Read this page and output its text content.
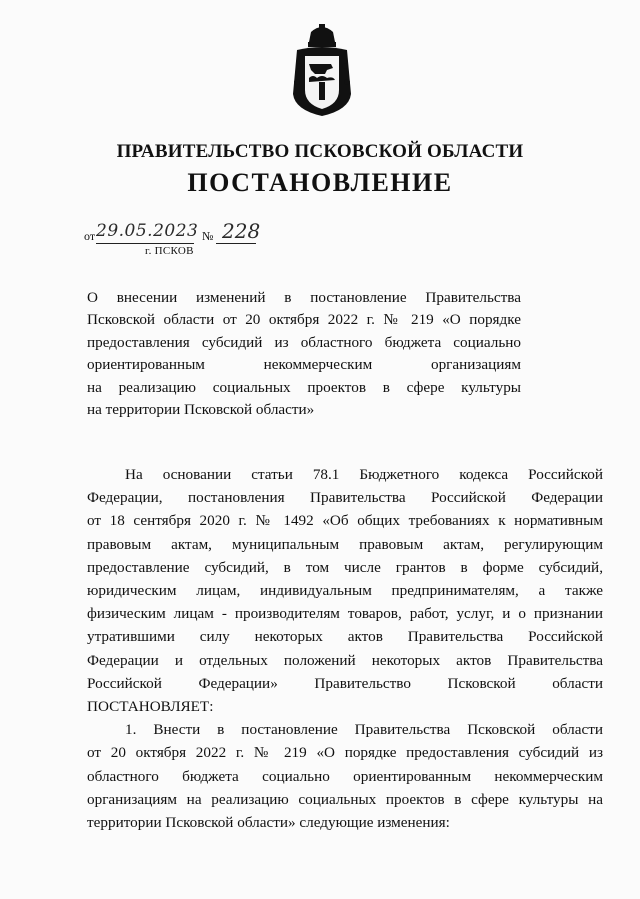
ПРАВИТЕЛЬСТВО ПСКОВСКОЙ ОБЛАСТИ
ПОСТАНОВЛЕНИЕ
от 29.05.2023 № 228
г. ПСКОВ
О внесении изменений в постановление Правительства
Псковской области от 20 октября 2022 г. № 219 «О порядке
предоставления субсидий из областного бюджета социально
ориентированным некоммерческим организациям
на реализацию социальных проектов в сфере культуры
на территории Псковской области»
На основании статьи 78.1 Бюджетного кодекса Российской
Федерации, постановления Правительства Российской Федерации
от 18 сентября 2020 г. № 1492 «Об общих требованиях к нормативным
правовым актам, муниципальным правовым актам, регулирующим
предоставление субсидий, в том числе грантов в форме субсидий,
юридическим лицам, индивидуальным предпринимателям, а также
физическим лицам - производителям товаров, работ, услуг, и о признании
утратившими силу некоторых актов Правительства Российской
Федерации и отдельных положений некоторых актов Правительства
Российской Федерации» Правительство Псковской области
ПОСТАНОВЛЯЕТ:
1. Внести в постановление Правительства Псковской области
от 20 октября 2022 г. № 219 «О порядке предоставления субсидий из
областного бюджета социально ориентированным некоммерческим
организациям на реализацию социальных проектов в сфере культуры на
территории Псковской области» следующие изменения:
